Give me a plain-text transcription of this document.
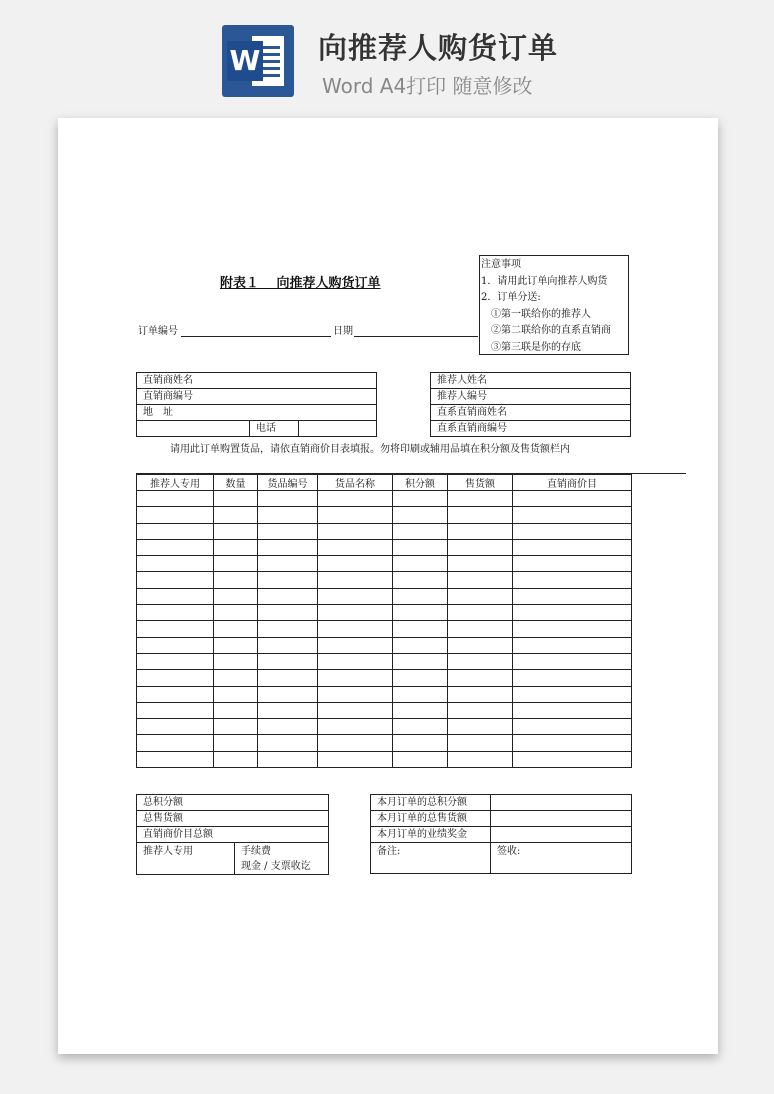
W 向推荐人购货订单
Word A4打印 随意修改
附表１　 向推荐人购货订单
注意事项
1．请用此订单向推荐人购货
2．订单分送:
①第一联给你的推荐人
②第二联给你的直系直销商
③第三联是你的存底
订单编号	日期
直销商姓名
直销商编号
地　址
	电话	
推荐人姓名
推荐人编号
直系直销商姓名
直系直销商编号
请用此订单购置货品，请依直销商价目表填报。勿将印刷或辅用品填在积分额及售货额栏内
推荐人专用	数量	货品编号	货品名称	积分额	售货额	直销商价目

总积分额
总售货额
直销商价目总额
推荐人专用	手续费
现金 / 支票收讫
本月订单的总积分额	
本月订单的总售货额	
本月订单的业绩奖金	
备注:	签收:
